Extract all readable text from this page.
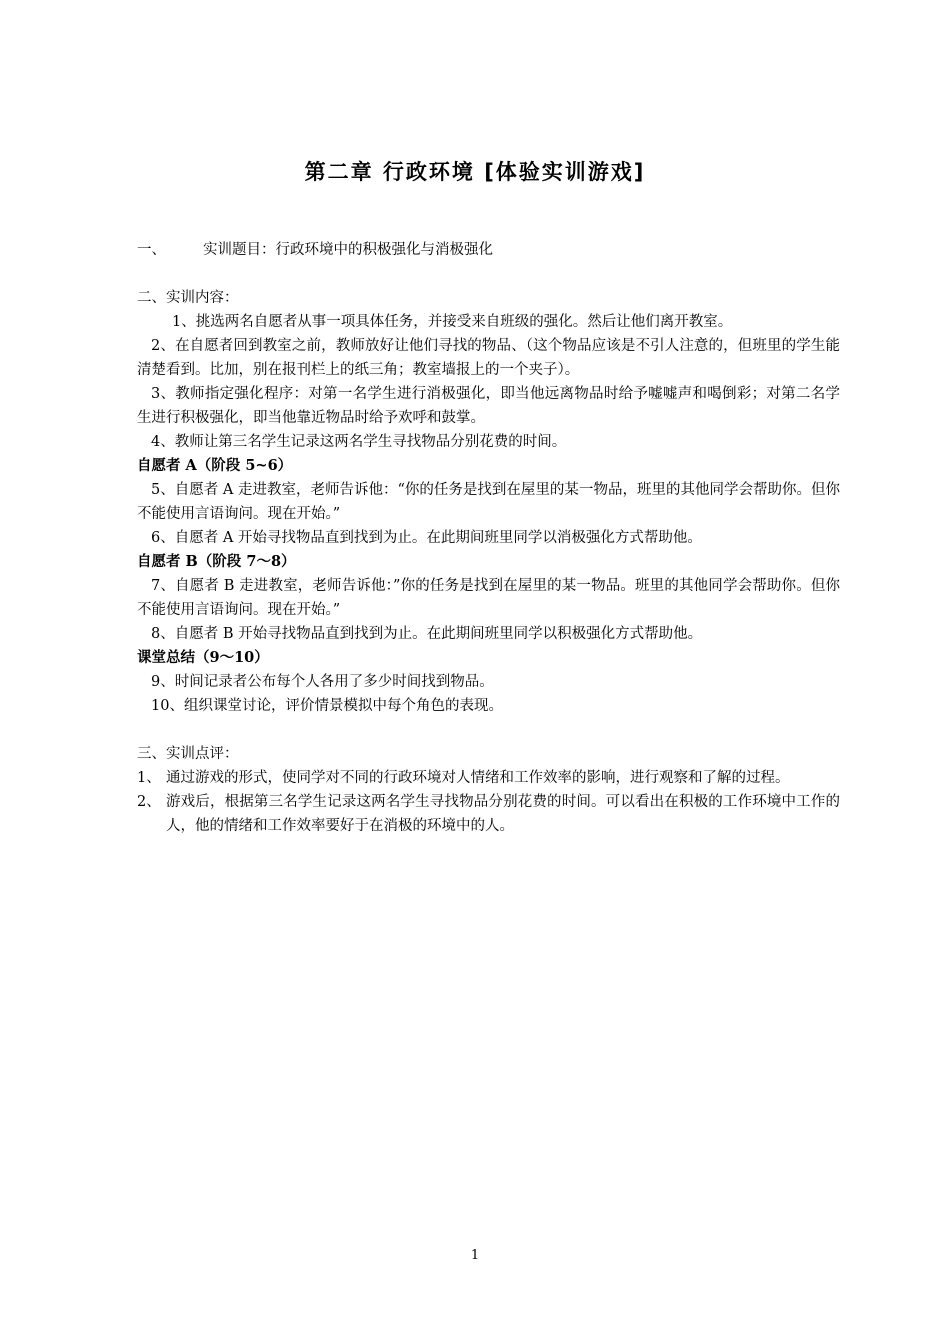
第二章 行政环境 [体验实训游戏]
一、	实训题目：行政环境中的积极强化与消极强化
二、实训内容：
1、挑选两名自愿者从事一项具体任务，并接受来自班级的强化。然后让他们离开教室。
2、在自愿者回到教室之前，教师放好让他们寻找的物品、（这个物品应该是不引人注意的，但班里的学生能清楚看到。比加，别在报刊栏上的纸三角；教室墙报上的一个夹子）。
3、教师指定强化程序：对第一名学生进行消极强化，即当他远离物品时给予嘘嘘声和喝倒彩；对第二名学生进行积极强化，即当他靠近物品时给予欢呼和鼓掌。
4、教师让第三名学生记录这两名学生寻找物品分别花费的时间。
自愿者 A（阶段 5~6）
5、自愿者 A 走进教室，老师告诉他：“你的任务是找到在屋里的某一物品，班里的其他同学会帮助你。但你不能使用言语询问。现在开始。”
6、自愿者 A 开始寻找物品直到找到为止。在此期间班里同学以消极强化方式帮助他。
自愿者 B（阶段 7～8）
7、自愿者 B 走进教室，老师告诉他：”你的任务是找到在屋里的某一物品。班里的其他同学会帮助你。但你不能使用言语询问。现在开始。”
8、自愿者 B 开始寻找物品直到找到为止。在此期间班里同学以积极强化方式帮助他。
课堂总结（9～10）
9、时间记录者公布每个人各用了多少时间找到物品。
10、组织课堂讨论，评价情景模拟中每个角色的表现。
三、实训点评：
1、 通过游戏的形式，使同学对不同的行政环境对人情绪和工作效率的影响，进行观察和了解的过程。
2、 游戏后，根据第三名学生记录这两名学生寻找物品分别花费的时间。可以看出在积极的工作环境中工作的人，他的情绪和工作效率要好于在消极的环境中的人。
1
